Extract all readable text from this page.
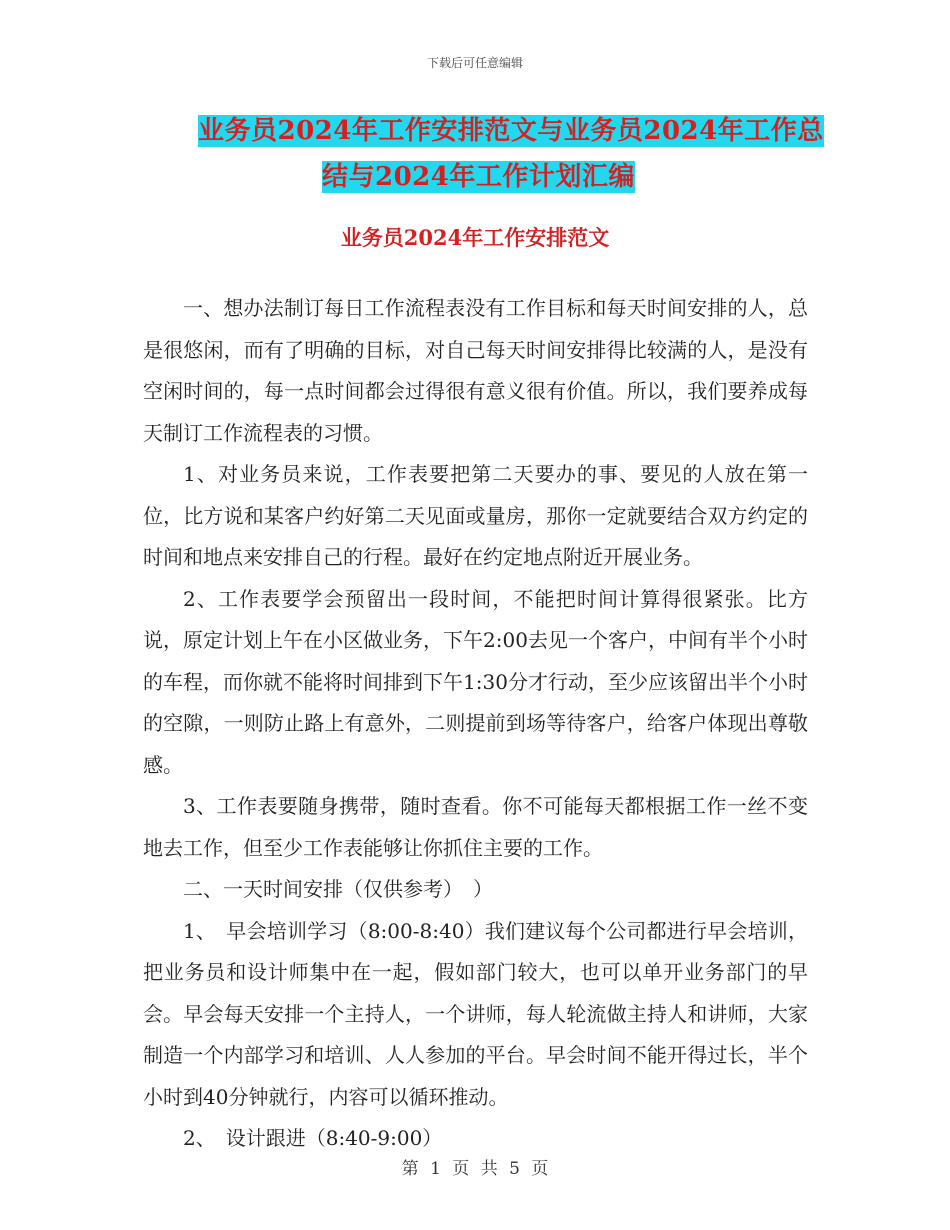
下载后可任意编辑
业务员2024年工作安排范文与业务员2024年工作总
结与2024年工作计划汇编
业务员2024年工作安排范文

一、想办法制订每日工作流程表没有工作目标和每天时间安排的人，总是很悠闲，而有了明确的目标，对自己每天时间安排得比较满的人，是没有空闲时间的，每一点时间都会过得很有意义很有价值。所以，我们要养成每天制订工作流程表的习惯。

1、对业务员来说，工作表要把第二天要办的事、要见的人放在第一位，比方说和某客户约好第二天见面或量房，那你一定就要结合双方约定的时间和地点来安排自己的行程。最好在约定地点附近开展业务。

2、工作表要学会预留出一段时间，不能把时间计算得很紧张。比方说，原定计划上午在小区做业务，下午2:00去见一个客户，中间有半个小时的车程，而你就不能将时间排到下午1:30分才行动，至少应该留出半个小时的空隙，一则防止路上有意外，二则提前到场等待客户，给客户体现出尊敬感。

3、工作表要随身携带，随时查看。你不可能每天都根据工作一丝不变地去工作，但至少工作表能够让你抓住主要的工作。

二、一天时间安排（仅供参考）　）

1、　早会培训学习（8:00-8:40）我们建议每个公司都进行早会培训，把业务员和设计师集中在一起，假如部门较大，也可以单开业务部门的早会。早会每天安排一个主持人，一个讲师，每人轮流做主持人和讲师，大家制造一个内部学习和培训、人人参加的平台。早会时间不能开得过长，半个小时到40分钟就行，内容可以循环推动。

2、　设计跟进（8:40-9:00）

第 1 页 共 5 页
